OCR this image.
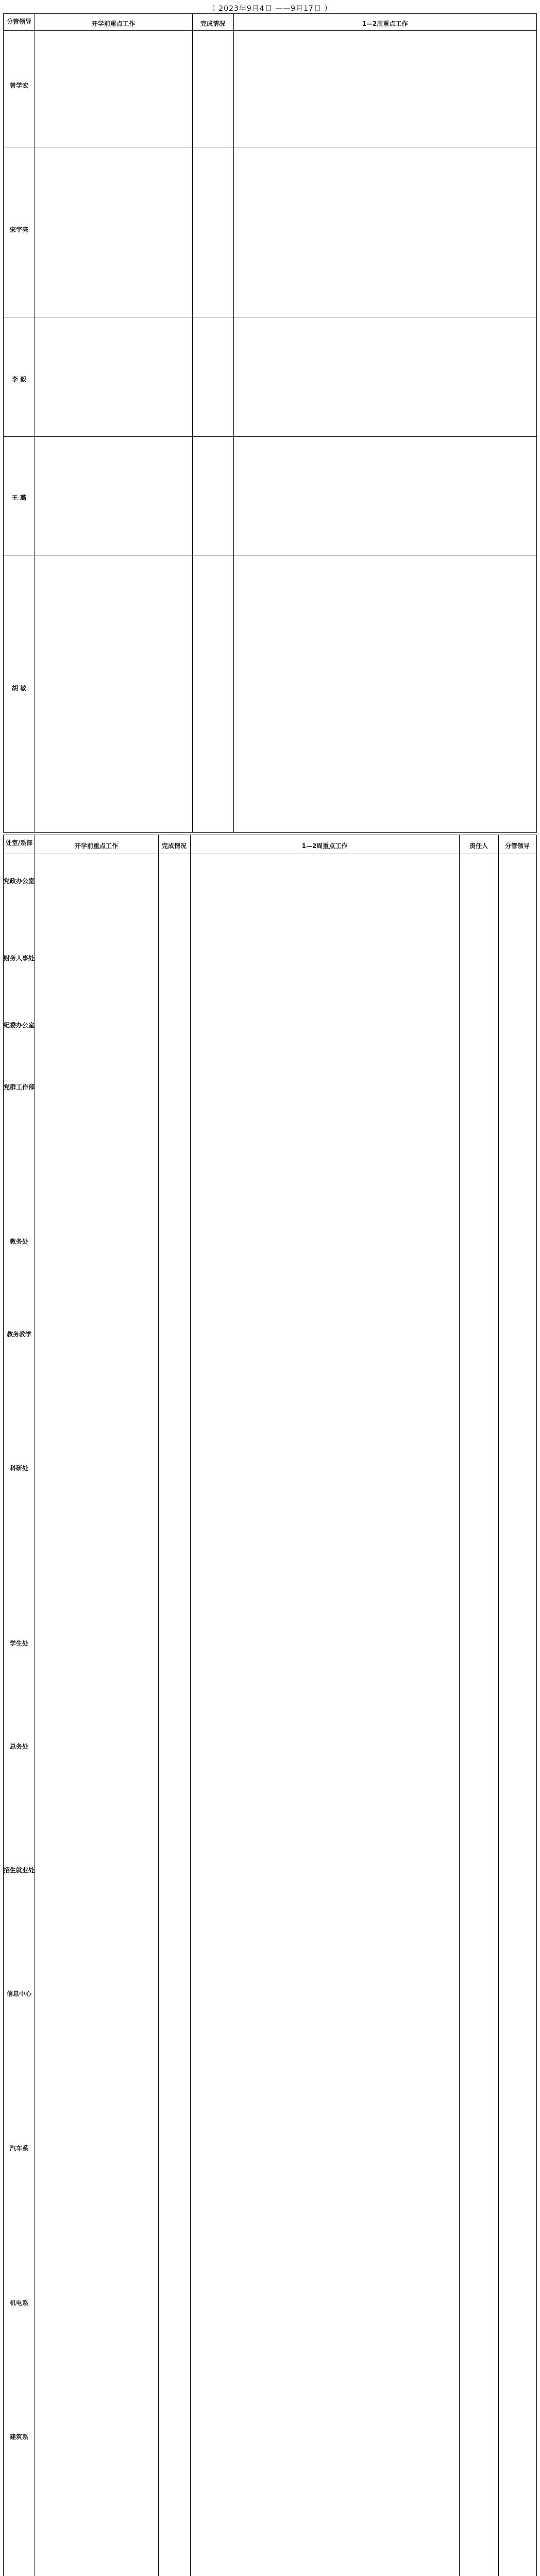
（ 2023年9月4日 ——9月17日 ）
分管领导	开学前重点工作	完成情况	1—2周重点工作
曾学宏
宋宇亮
李 毅
王 璐
胡 敏
处室/系部	开学前重点工作	完成情况	1—2周重点工作	责任人	分管领导
党政办公室
财务人事处
纪委办公室
党群工作部
教务处
教务教学
科研处
学生处
总务处
招生就业处
信息中心
汽车系
机电系
建筑系
